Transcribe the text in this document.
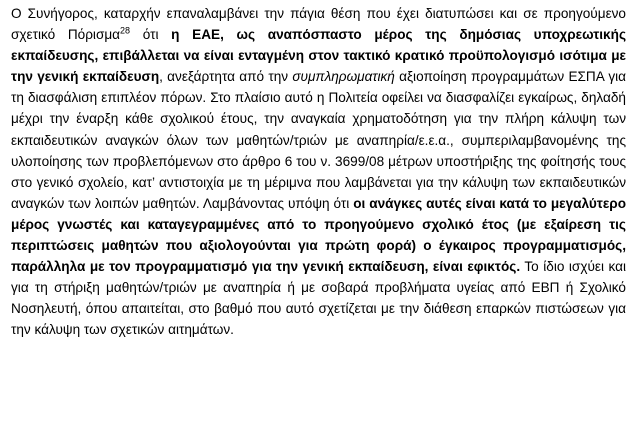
Ο Συνήγορος, καταρχήν επαναλαμβάνει την πάγια θέση που έχει διατυπώσει και σε προηγούμενο σχετικό Πόρισμα$^{28}$ ότι η ΕΑΕ, ως αναπόσπαστο μέρος της δημόσιας υποχρεωτικής εκπαίδευσης, επιβάλλεται να είναι ενταγμένη στον τακτικό κρατικό προϋπολογισμό ισότιμα με την γενική εκπαίδευση, ανεξάρτητα από την συμπληρωματική αξιοποίηση προγραμμάτων ΕΣΠΑ για τη διασφάλιση επιπλέον πόρων. Στο πλαίσιο αυτό η Πολιτεία οφείλει να διασφαλίζει εγκαίρως, δηλαδή μέχρι την έναρξη κάθε σχολικού έτους, την αναγκαία χρηματοδότηση για την πλήρη κάλυψη των εκπαιδευτικών αναγκών όλων των μαθητών/τριών με αναπηρία/ε.ε.α., συμπεριλαμβανομένης της υλοποίησης των προβλεπόμενων στο άρθρο 6 του ν. 3699/08 μέτρων υποστήριξης της φοίτησής τους στο γενικό σχολείο, κατ’ αντιστοιχία με τη μέριμνα που λαμβάνεται για την κάλυψη των εκπαιδευτικών αναγκών των λοιπών μαθητών. Λαμβάνοντας υπόψη ότι οι ανάγκες αυτές είναι κατά το μεγαλύτερο μέρος γνωστές και καταγεγραμμένες από το προηγούμενο σχολικό έτος (με εξαίρεση τις περιπτώσεις μαθητών που αξιολογούνται για πρώτη φορά) ο έγκαιρος προγραμματισμός, παράλληλα με τον προγραμματισμό για την γενική εκπαίδευση, είναι εφικτός. Το ίδιο ισχύει και για τη στήριξη μαθητών/τριών με αναπηρία ή με σοβαρά προβλήματα υγείας από ΕΒΠ ή Σχολικό Νοσηλευτή, όπου απαιτείται, στο βαθμό που αυτό σχετίζεται με την διάθεση επαρκών πιστώσεων για την κάλυψη των σχετικών αιτημάτων.
